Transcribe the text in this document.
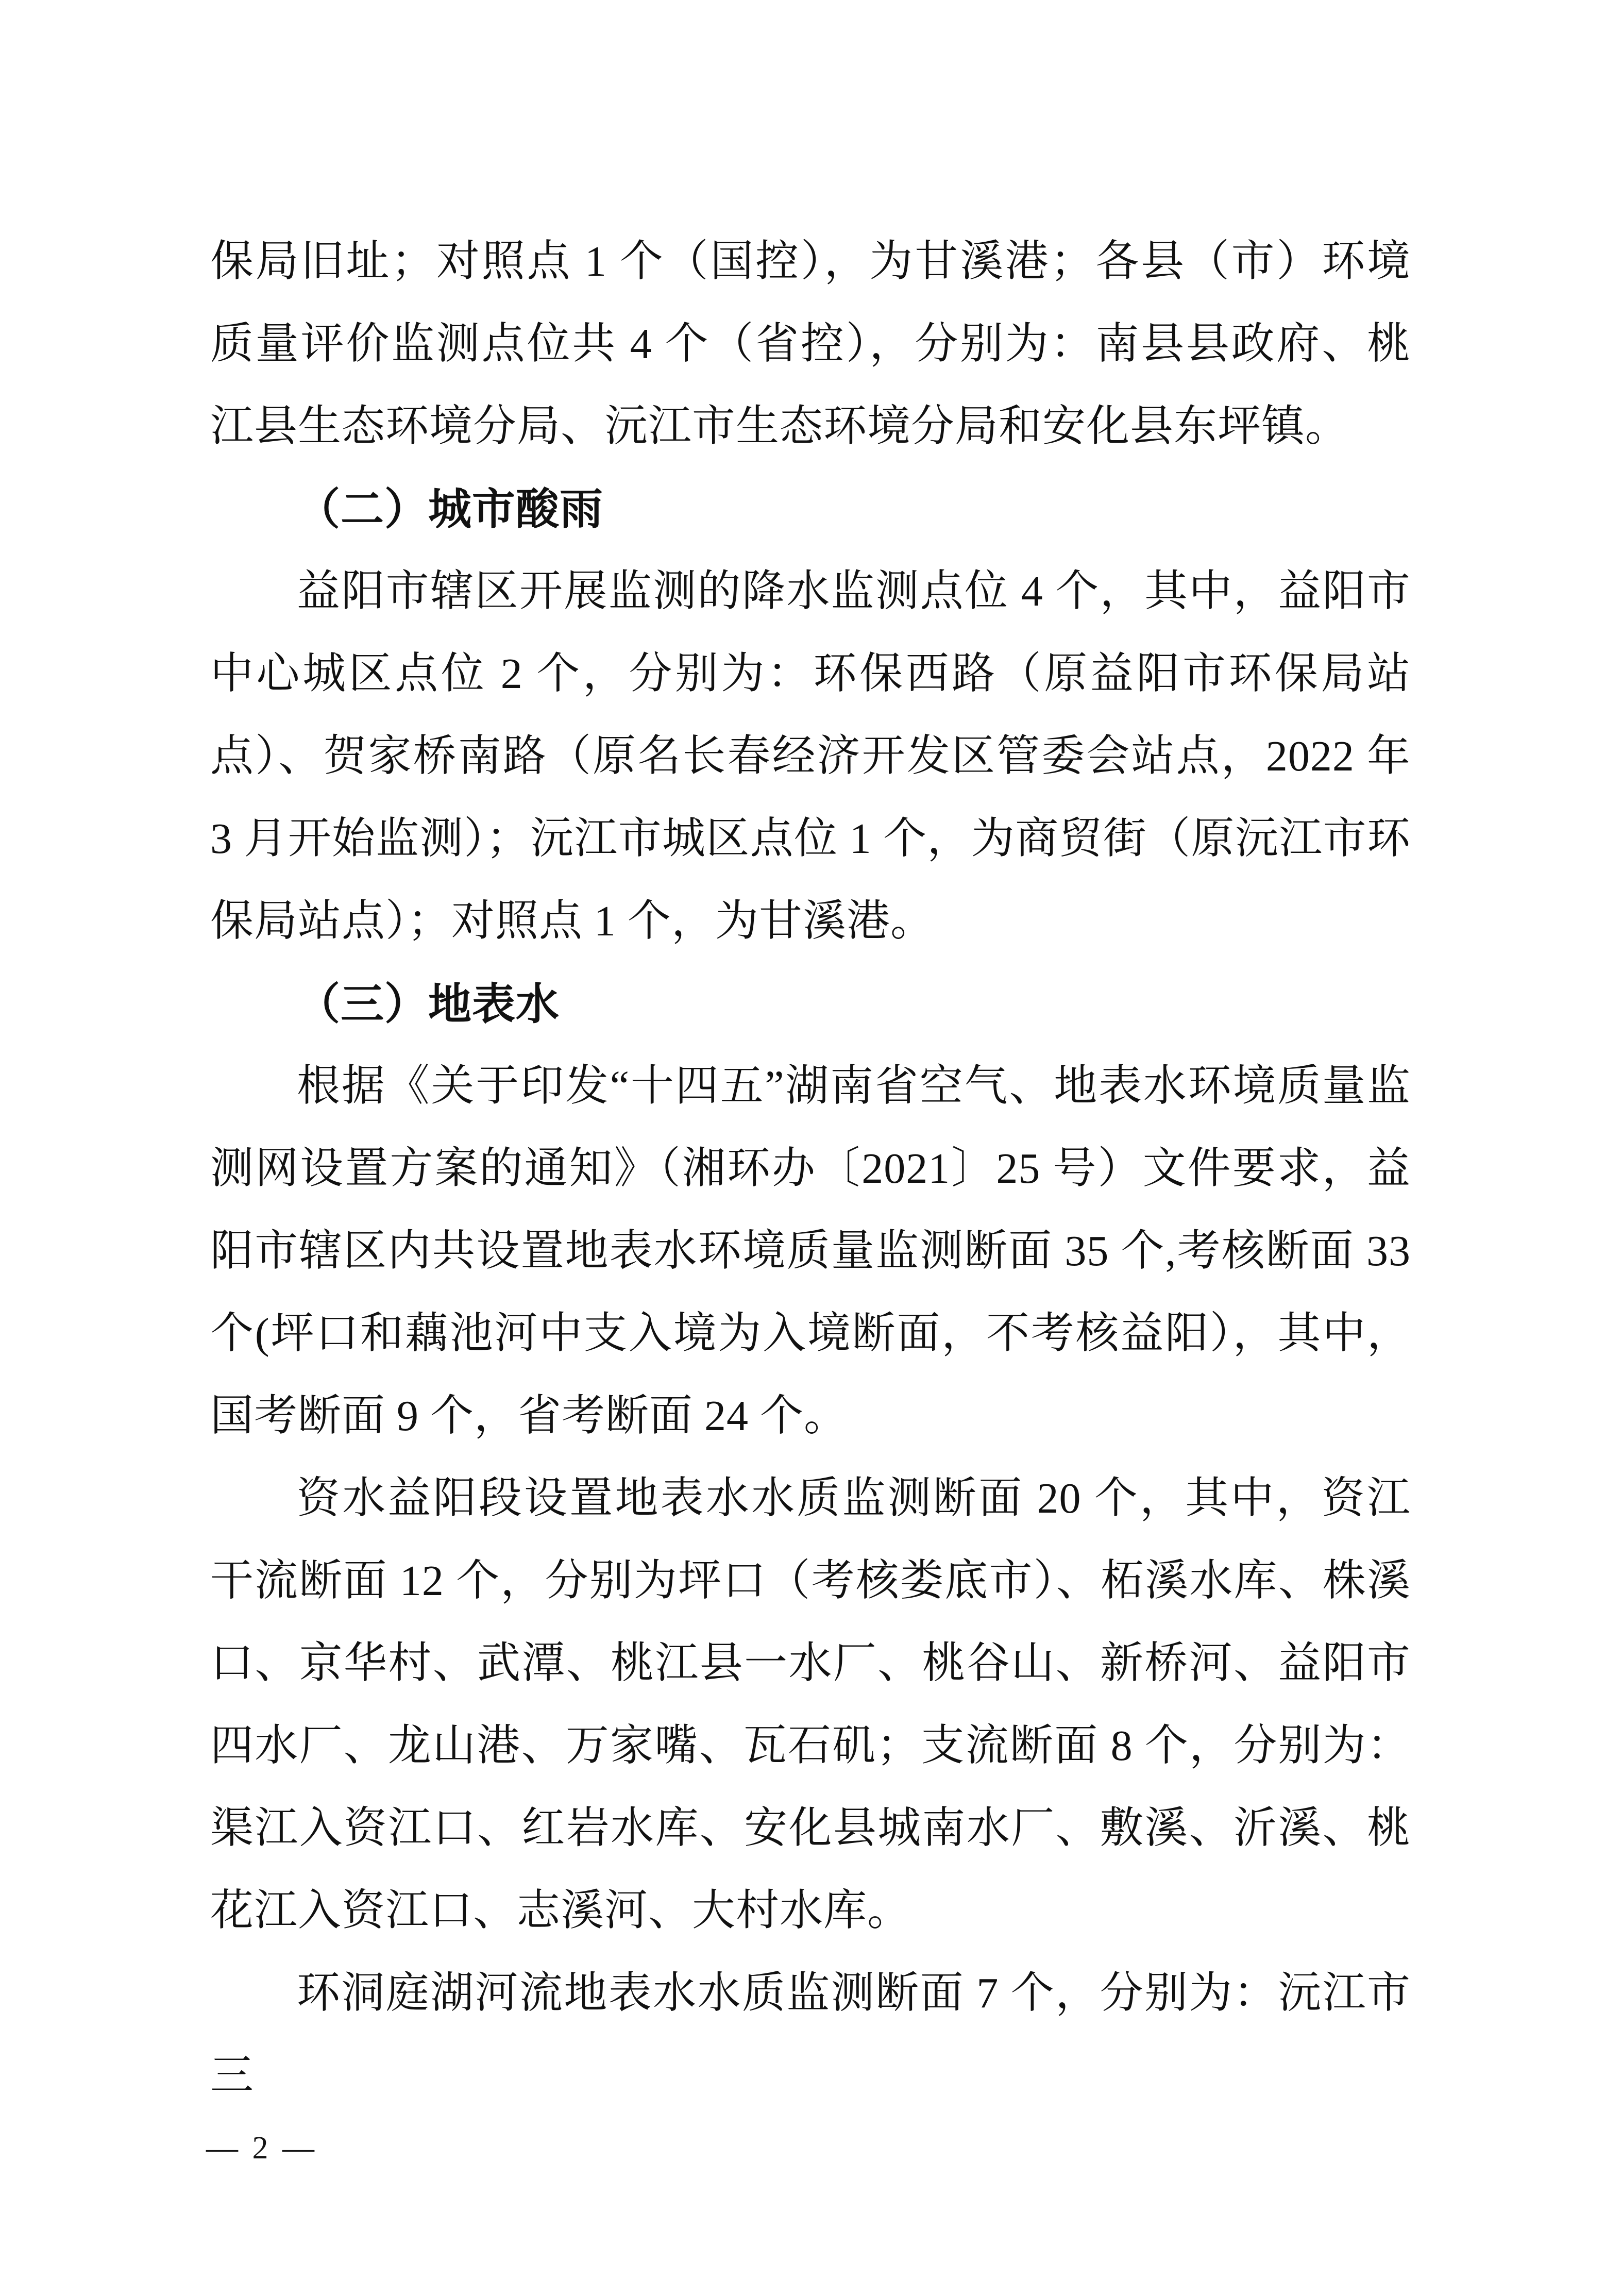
保局旧址；对照点 1 个（国控），为甘溪港；各县（市）环境质量评价监测点位共 4 个（省控），分别为：南县县政府、桃江县生态环境分局、沅江市生态环境分局和安化县东坪镇。

（二）城市酸雨

益阳市辖区开展监测的降水监测点位 4 个，其中，益阳市中心城区点位 2 个，分别为：环保西路（原益阳市环保局站点）、贺家桥南路（原名长春经济开发区管委会站点，2022 年 3 月开始监测）；沅江市城区点位 1 个，为商贸街（原沅江市环保局站点）；对照点 1 个，为甘溪港。

（三）地表水

根据《关于印发“十四五”湖南省空气、地表水环境质量监测网设置方案的通知》（湘环办〔2021〕25 号）文件要求，益阳市辖区内共设置地表水环境质量监测断面 35 个,考核断面 33 个(坪口和藕池河中支入境为入境断面，不考核益阳），其中，国考断面 9 个，省考断面 24 个。

资水益阳段设置地表水水质监测断面 20 个，其中，资江干流断面 12 个，分别为坪口（考核娄底市）、柘溪水库、株溪口、京华村、武潭、桃江县一水厂、桃谷山、新桥河、益阳市四水厂、龙山港、万家嘴、瓦石矶；支流断面 8 个，分别为：渠江入资江口、红岩水库、安化县城南水厂、敷溪、沂溪、桃花江入资江口、志溪河、大村水库。

环洞庭湖河流地表水水质监测断面 7 个，分别为：沅江市三

— 2 —
